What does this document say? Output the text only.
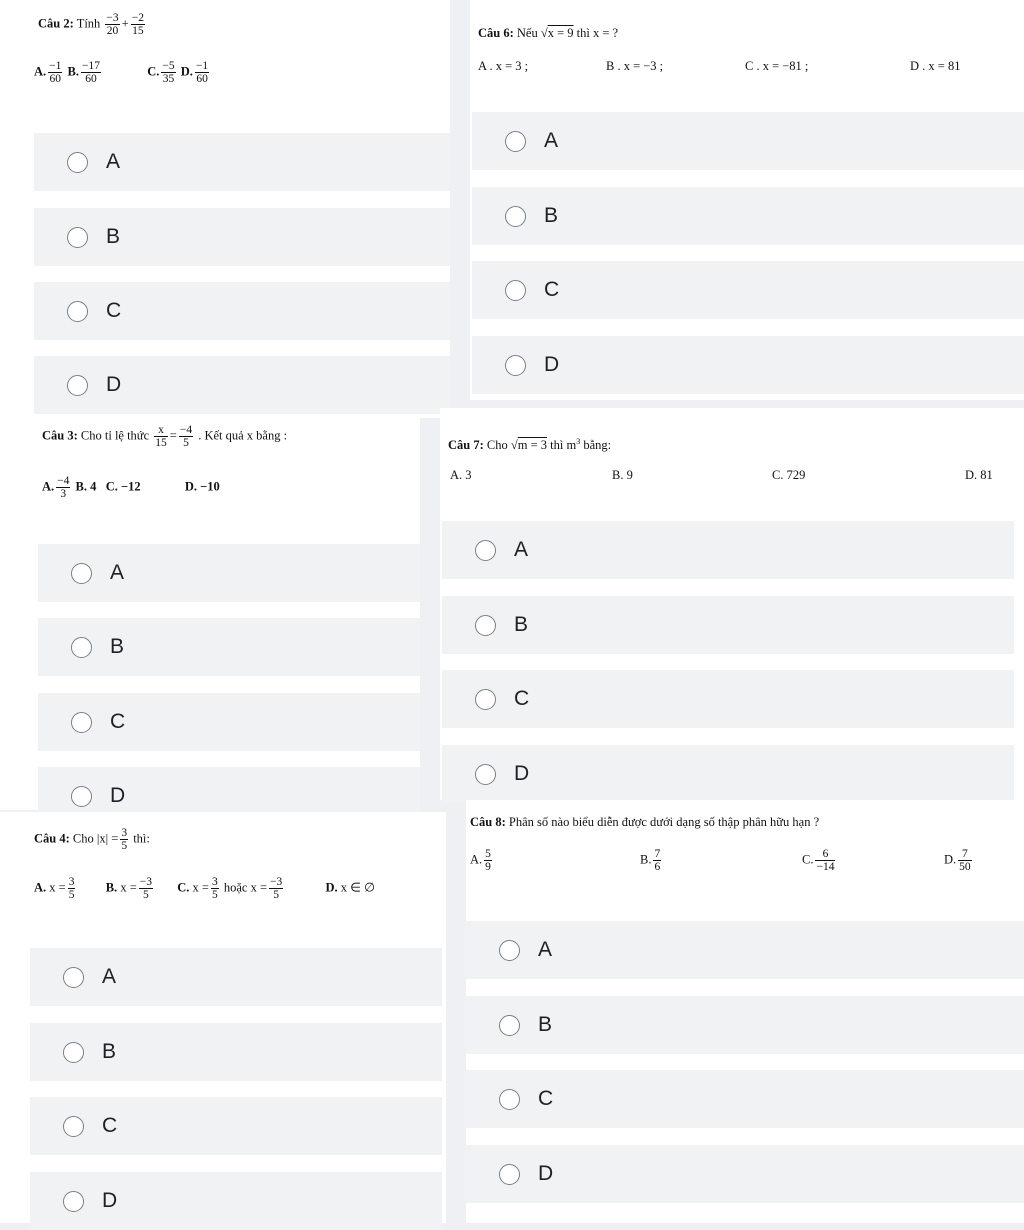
Câu 2: Tính $\frac{-3}{20} + \frac{-2}{15}$
A. $\frac{-1}{60} B$. $\frac{-17}{60}$	C. $\frac{-5}{35} D$. $\frac{-1}{60}$
A
B
C
D
Câu 6: Nếu √x = 9 thì x = ?
A . x = 3 ;	B . x = −3 ;	C . x = −81 ;	D . x = 81
A
B
C
D
Câu 3: Cho tỉ lệ thức $\frac{x}{15} = \frac{-4}{5}$ . Kết quả x bằng :
A. $\frac{-4}{3} B$. 4 C. −12	D. −10
A
B
C
D
Câu 7: Cho √m = 3 thì $m^3$ bằng:
A. 3	B. 9	C. 729	D. 81
A
B
C
D
Câu 4: Cho $|x| = \frac{3}{5}$ thì:
A. $x = \frac{3}{5} B$. $x = \frac{-3}{5} C$. $x = \frac{3}{5}$ hoặc $x = \frac{-3}{5}$	D. x ∈ ∅
A
B
C
D
Câu 8: Phân số nào biểu diễn được dưới dạng số thập phân hữu hạn ?
A. $\frac{5}{9}$	B. $\frac{7}{6}$	C. $\frac{6}{-14}$	D. $\frac{7}{50}$
A
B
C
D
